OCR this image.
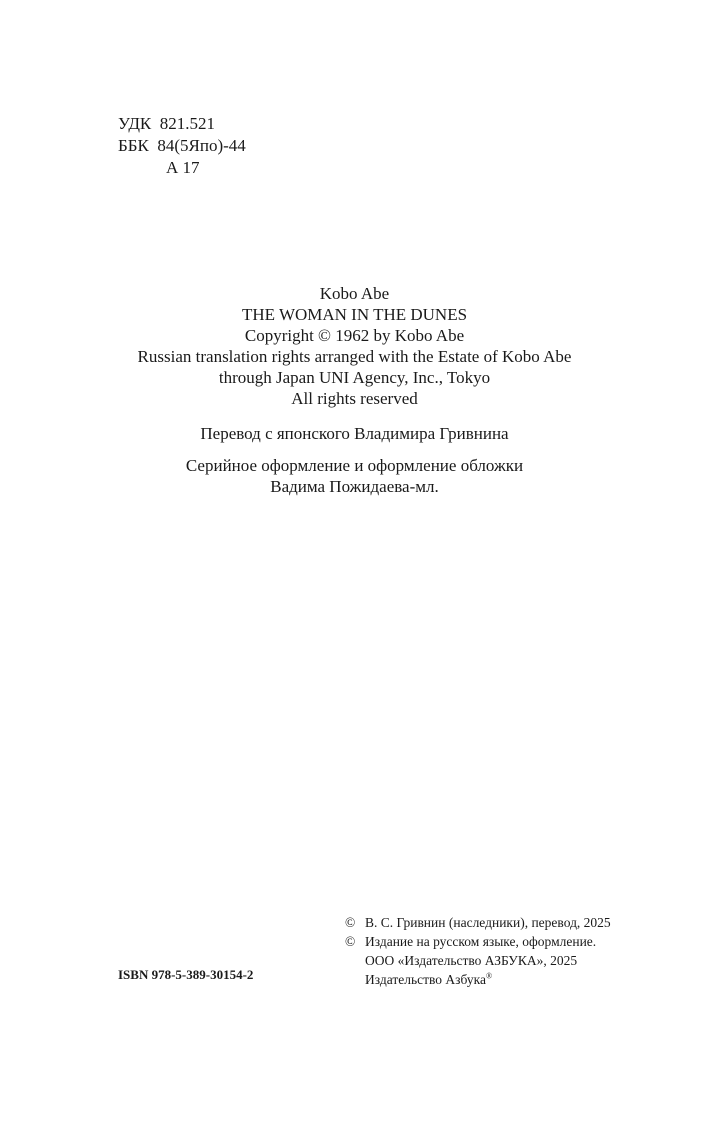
УДК
821.521
ББК
84(5Япо)-44
А 17
Kobo Abe
THE WOMAN IN THE DUNES
Copyright © 1962 by Kobo Abe
Russian translation rights arranged with the Estate of Kobo Abe
through Japan UNI Agency, Inc., Tokyo
All rights reserved
Перевод с японского Владимира Гривнина
Серийное оформление и оформление обложки
Вадима Пожидаева-мл.
ISBN 978-5-389-30154-2
© В. С. Гривнин (наследники), перевод, 2025
© Издание на русском языке, оформление.
ООО «Издательство АЗБУКА», 2025
Издательство Азбука®
